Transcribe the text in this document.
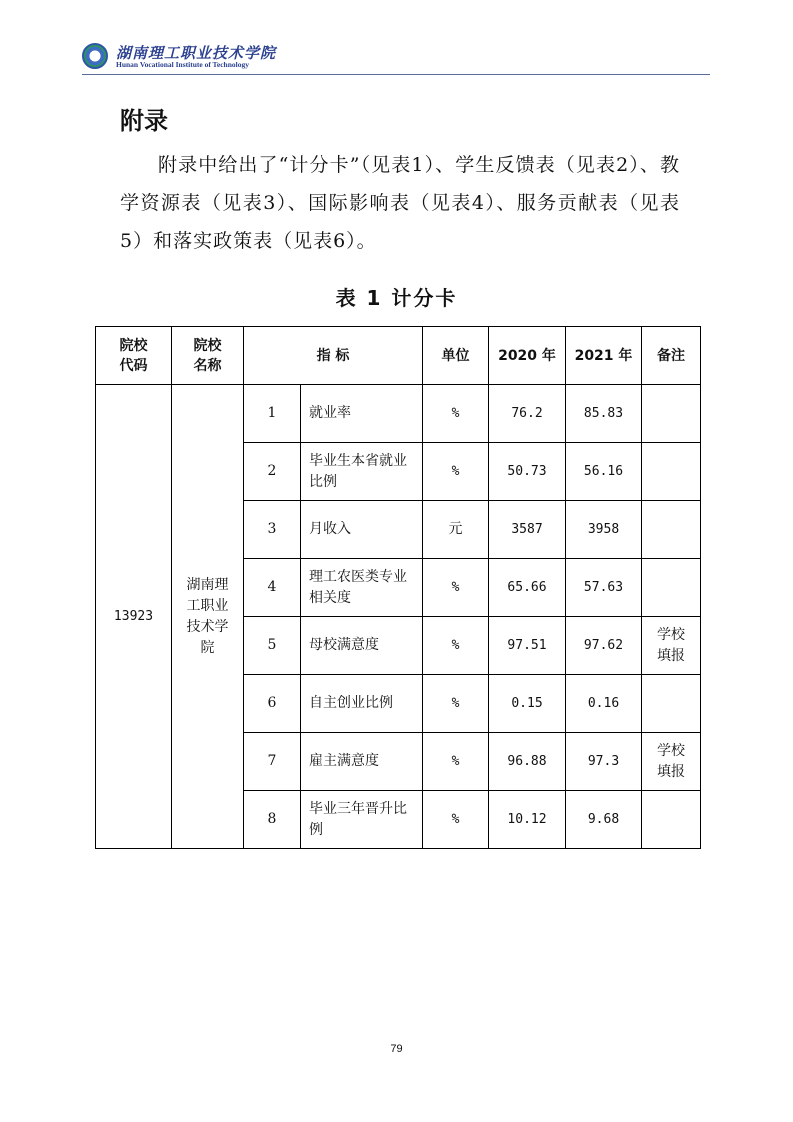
湖南理工职业技术学院
Hunan Vocational Institute of Technology
附录
附录中给出了“计分卡”（见表1）、学生反馈表（见表2）、教学资源表（见表3）、国际影响表（见表4）、服务贡献表（见表5）和落实政策表（见表6）。
表 1 计分卡
院校代码	院校名称	指 标		单位	2020 年	2021 年	备注
13923	湖南理工职业技术学院	1	就业率	%	76.2	85.83	
		2	毕业生本省就业比例	%	50.73	56.16	
		3	月收入	元	3587	3958	
		4	理工农医类专业相关度	%	65.66	57.63	
		5	母校满意度	%	97.51	97.62	学校填报
		6	自主创业比例	%	0.15	0.16	
		7	雇主满意度	%	96.88	97.3	学校填报
		8	毕业三年晋升比例	%	10.12	9.68	
79
